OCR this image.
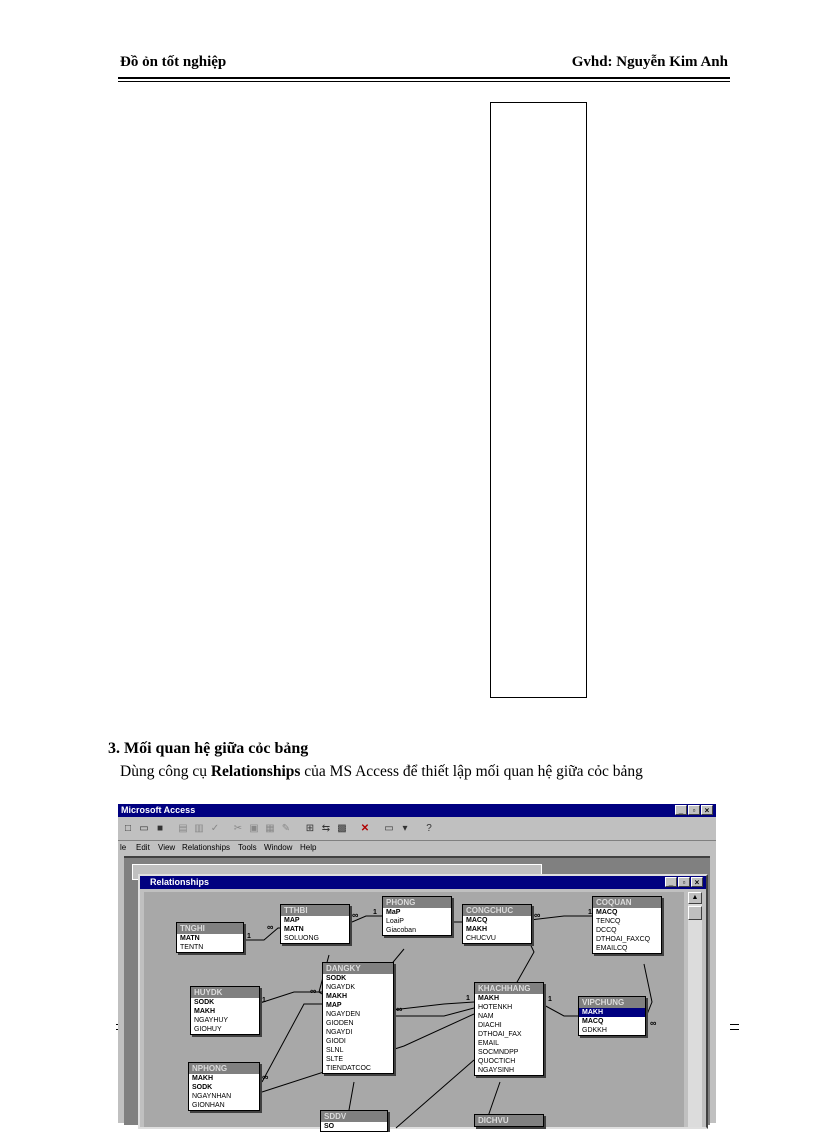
Đồ ỏn tốt nghiệp	Gvhd: Nguyễn Kim Anh
3. Mối quan hệ giữa cỏc bảng
Dùng công cụ Relationships của MS Access để thiết lập mối quan hệ giữa cỏc bảng
Microsoft Access	_	▫	×
□ ▭ ■	▤ ▥ ✓ ✂ ▣ ▦ ✎ ⊞ ⇆ ▩ ✕ ▭ ▾	?
le Edit View Relationships Tools Window Help
Relationships	_	▫	×
1
∞
∞ 1	∞	1
1
∞
∞
1	1
∞
∞
TNGHI
MATN
TENTN
TTHBI
MAP
MATN
SOLUONG
PHONG
MaP
LoaiP
Giacoban
CONGCHUC
MACQ
MAKH
CHUCVU
COQUAN
MACQ
TENCQ
DCCQ
DTHOAI_FAXCQ
EMAILCQ
HUYDK
SODK
MAKH
NGAYHUY
GIOHUY
DANGKY
SODK
NGAYDK
MAKH
MAP
NGAYDEN
GIODEN
NGAYDI
GIODI
SLNL
SLTE
TIENDATCOC
KHACHHANG
MAKH
HOTENKH
NAM
DIACHI
DTHOAI_FAX
EMAIL
SOCMNDPP
QUOCTICH
NGAYSINH
VIPCHUNG
MAKH
MACQ
GDKKH
NPHONG
MAKH
SODK
NGAYNHAN
GIONHAN
SDDV
SO
DICHVU
▲
